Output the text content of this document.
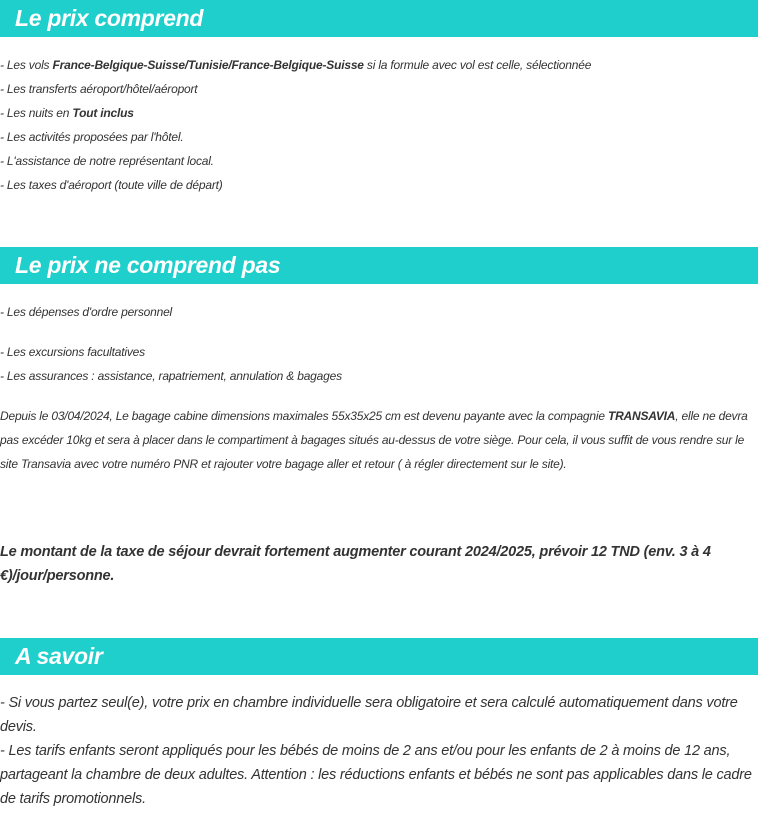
Le prix comprend
- Les vols France-Belgique-Suisse/Tunisie/France-Belgique-Suisse si la formule avec vol est celle, sélectionnée
- Les transferts aéroport/hôtel/aéroport
- Les nuits en Tout inclus
- Les activités proposées par l'hôtel.
- L'assistance de notre représentant local.
- Les taxes d'aéroport (toute ville de départ)
Le prix ne comprend pas
- Les dépenses d'ordre personnel
- Les excursions facultatives
- Les assurances : assistance, rapatriement, annulation & bagages
Depuis le 03/04/2024, Le bagage cabine dimensions maximales 55x35x25 cm est devenu payante avec la compagnie TRANSAVIA, elle ne devra pas excéder 10kg et sera à placer dans le compartiment à bagages situés au-dessus de votre siège. Pour cela, il vous suffit de vous rendre sur le site Transavia avec votre numéro PNR et rajouter votre bagage aller et retour ( à régler directement sur le site).
Le montant de la taxe de séjour devrait fortement augmenter courant 2024/2025, prévoir 12 TND (env. 3 à 4 €)/jour/personne.
A savoir
- Si vous partez seul(e), votre prix en chambre individuelle sera obligatoire et sera calculé automatiquement dans votre devis.
- Les tarifs enfants seront appliqués pour les bébés de moins de 2 ans et/ou pour les enfants de 2 à moins de 12 ans, partageant la chambre de deux adultes. Attention : les réductions enfants et bébés ne sont pas applicables dans le cadre de tarifs promotionnels.
